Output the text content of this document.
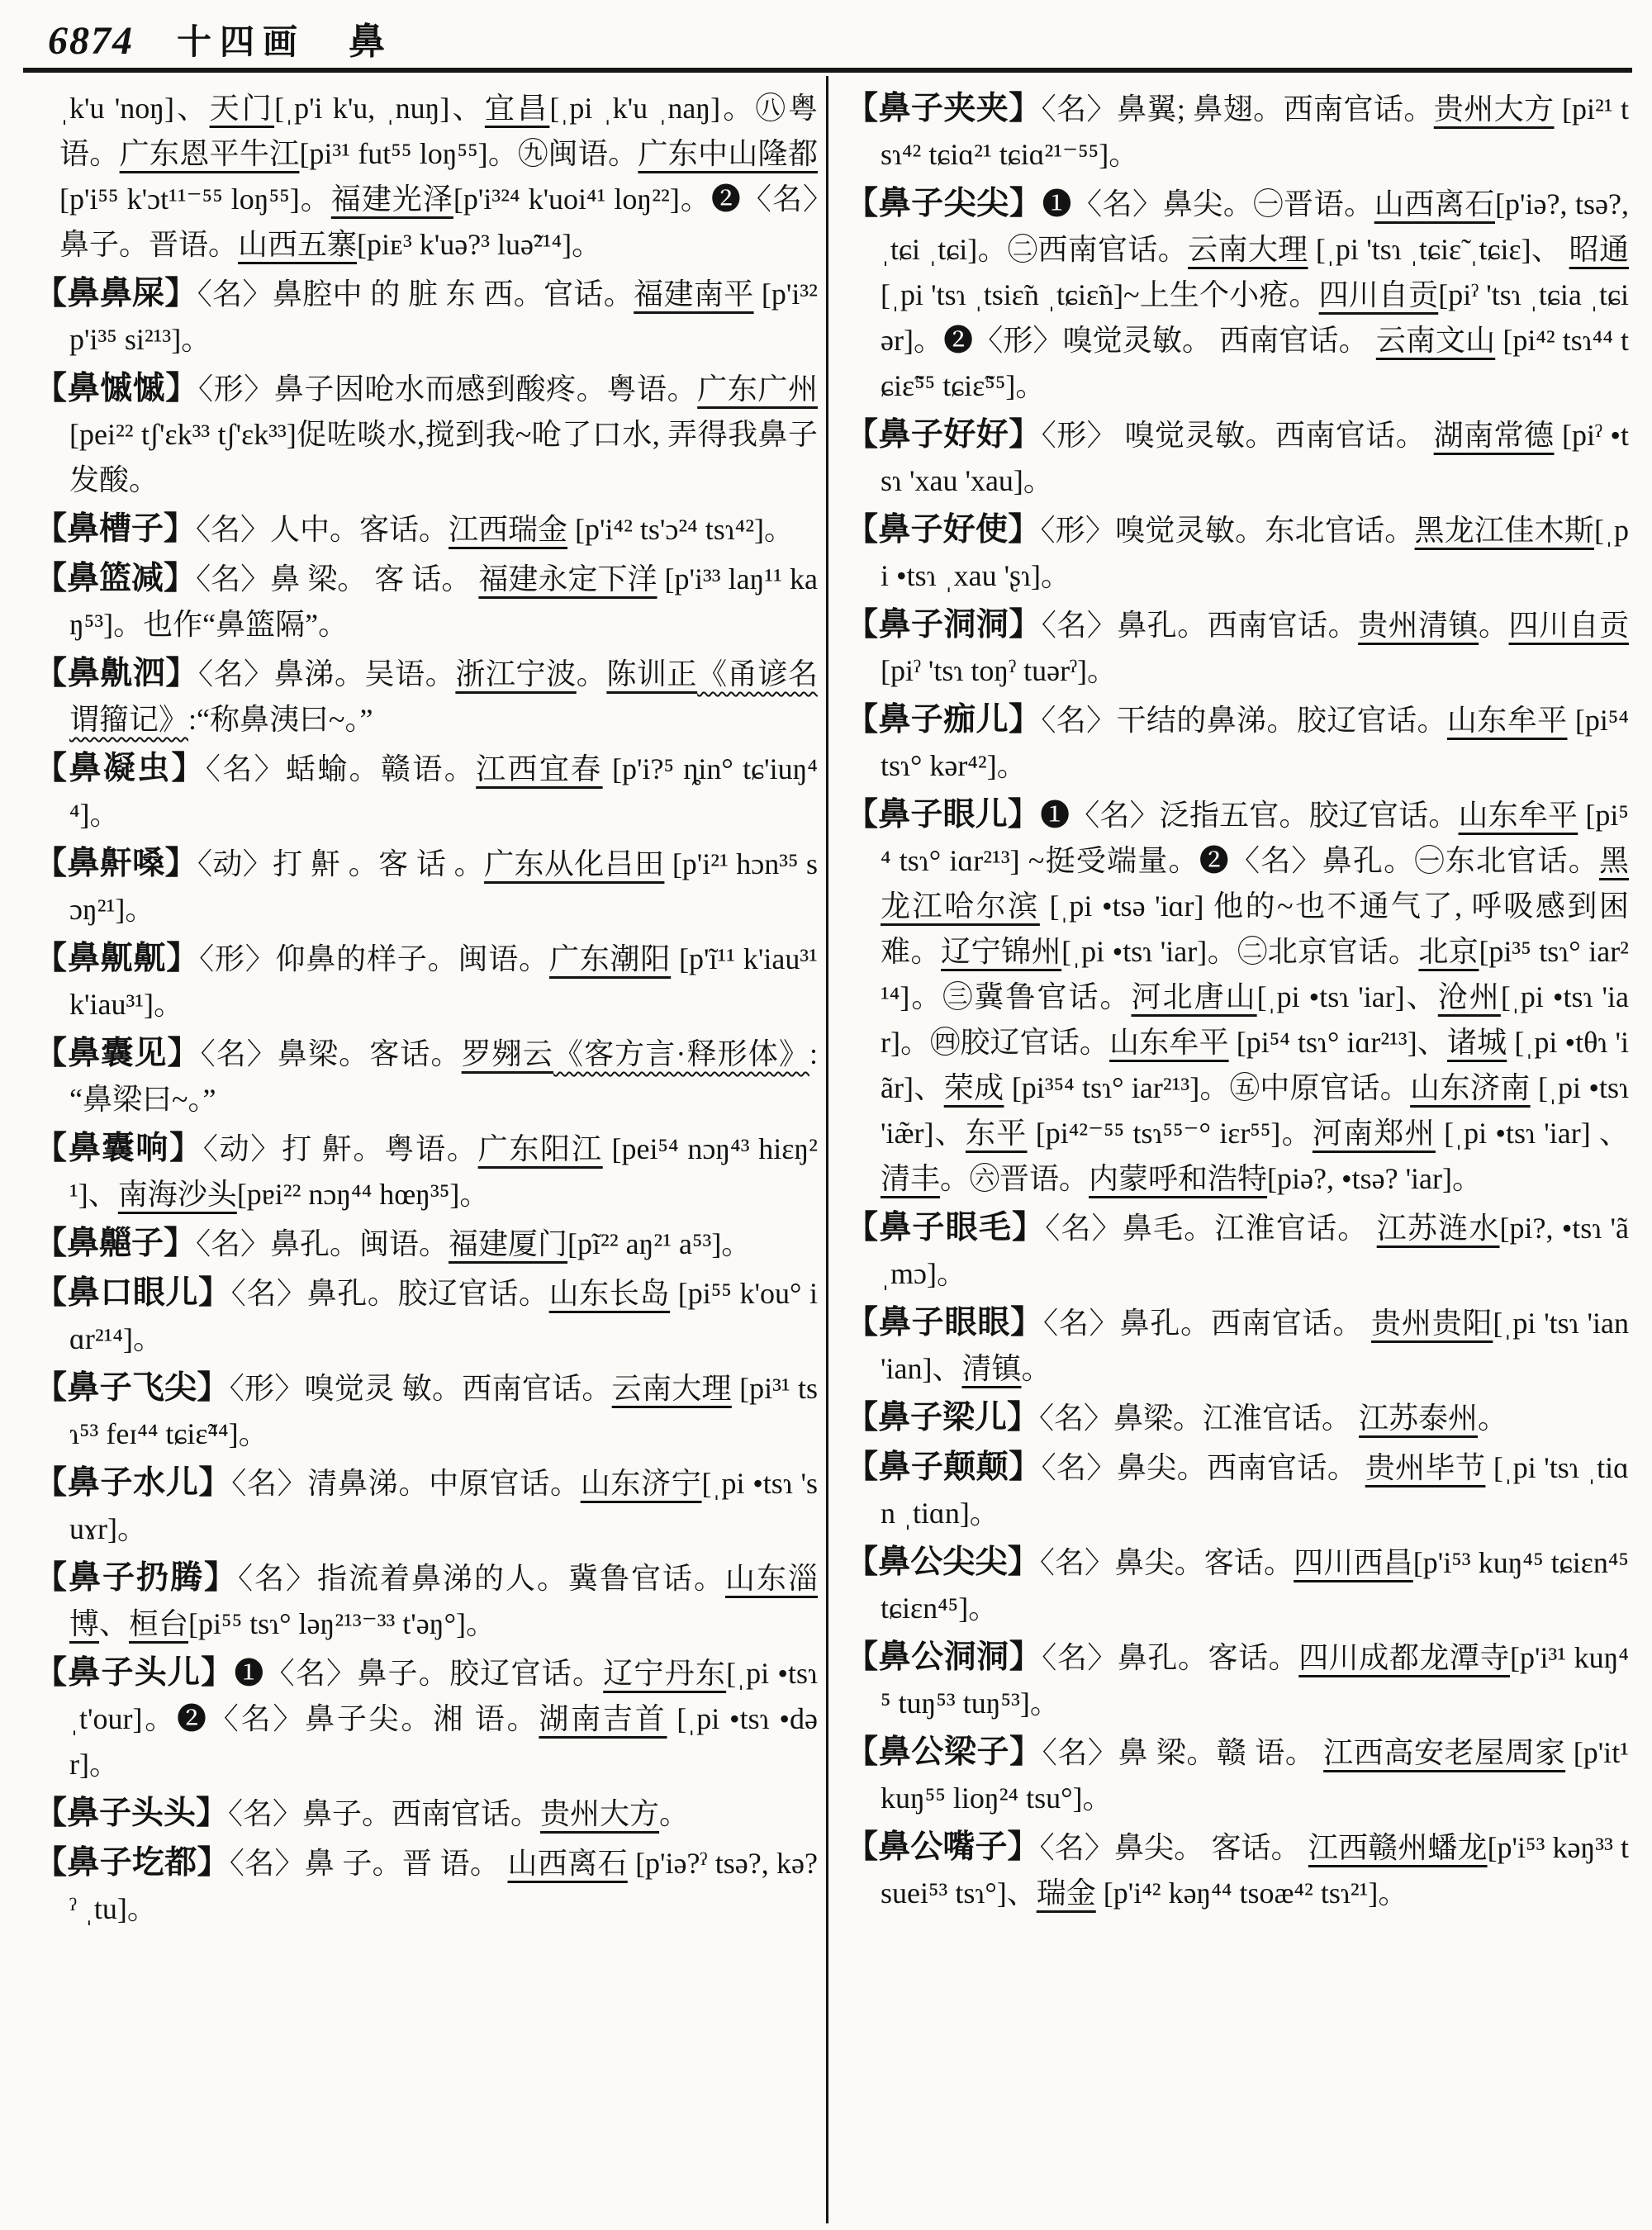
6874 十四画 鼻

ˌk'u 'noŋ]、天门[ˌp'i k'u, ˌnuŋ]、宜昌[ˌpi ˌk'u ˌnaŋ]。㊇粤语。广东恩平牛江[pi³¹ fut⁵⁵ loŋ⁵⁵]。㊈闽语。广东中山隆都[p'i⁵⁵ k'ɔt¹¹⁻⁵⁵ loŋ⁵⁵]。福建光泽[p'i³²⁴ k'uoi⁴¹ loŋ²²]。❷〈名〉鼻子。晋语。山西五寨[piᴇ³ k'uə?³ luə̃²¹⁴]。

【鼻鼻屎】〈名〉鼻腔中 的 脏 东 西。官话。福建南平 [p'i³² p'i³⁵ si²¹³]。

【鼻慽慽】〈形〉鼻子因呛水而感到酸疼。粤语。广东广州[pei²² tʃ'ɛk³³ tʃ'ɛk³³]促咗啖水,搅到我~呛了口水, 弄得我鼻子发酸。

【鼻槽子】〈名〉人中。客话。江西瑞金 [p'i⁴² ts'ɔ²⁴ tsɿ⁴²]。

【鼻篮减】〈名〉鼻 梁。 客 话。 福建永定下洋 [p'i³³ laŋ¹¹ kaŋ⁵³]。也作“鼻篮隔”。

【鼻鼽泗】〈名〉鼻涕。吴语。浙江宁波。陈训正《甬谚名谓籀记》:“称鼻洟曰~。”

【鼻凝虫】〈名〉蛞蝓。赣语。江西宜春 [p'i?⁵ ȵin° tɕ'iuŋ⁴⁴]。

【鼻鼾嗓】〈动〉打 鼾 。客 话 。广东从化吕田 [p'i²¹ hɔn³⁵ sɔŋ²¹]。

【鼻鼿鼿】〈形〉仰鼻的样子。闽语。广东潮阳 [p'ĩ¹¹ k'iau³¹ k'iau³¹]。

【鼻囊见】〈名〉鼻梁。客话。罗翙云《客方言·释形体》:“鼻梁曰~。”

【鼻囊响】〈动〉打 鼾。粤语。广东阳江 [pei⁵⁴ nɔŋ⁴³ hiɛŋ²¹]、南海沙头[pɐi²² nɔŋ⁴⁴ hœŋ³⁵]。

【鼻齆子】〈名〉鼻孔。闽语。福建厦门[pĩ²² aŋ²¹ a⁵³]。

【鼻口眼儿】〈名〉鼻孔。胶辽官话。山东长岛 [pi⁵⁵ k'ou° iɑr²¹⁴]。

【鼻子飞尖】〈形〉嗅觉灵 敏。西南官话。云南大理 [pi³¹ tsɿ⁵³ feɪ⁴⁴ tɕiɛ̃⁴⁴]。

【鼻子水儿】〈名〉清鼻涕。中原官话。山东济宁[ˌpi •tsɿ 'suɤr]。

【鼻子扔腾】〈名〉指流着鼻涕的人。冀鲁官话。山东淄博、桓台[pi⁵⁵ tsɿ° ləŋ²¹³⁻³³ t'əŋ°]。

【鼻子头儿】❶〈名〉鼻子。胶辽官话。辽宁丹东[ˌpi •tsɿ ˌt'our]。❷〈名〉鼻子尖。湘 语。湖南吉首 [ˌpi •tsɿ •dər]。

【鼻子头头】〈名〉鼻子。西南官话。贵州大方。

【鼻子圪都】〈名〉鼻 子。晋 语。 山西离石 [p'iə?ˀ tsə?, kə?ˀ ˌtu]。

【鼻子夹夹】〈名〉鼻翼; 鼻翅。西南官话。贵州大方 [pi²¹ tsɿ⁴² tɕiɑ²¹ tɕiɑ²¹⁻⁵⁵]。

【鼻子尖尖】❶〈名〉鼻尖。㊀晋语。山西离石[p'iə?, tsə?, ˌtɕi ˌtɕi]。㊁西南官话。云南大理 [ˌpi 'tsɿ ˌtɕiɛ̃ ˌtɕiɛ]、 昭通[ˌpi 'tsɿ ˌtsiɛ̃n ˌtɕiɛ̃n]~上生个小疮。四川自贡[piˀ 'tsɿ ˌtɕia ˌtɕiər]。❷〈形〉嗅觉灵敏。 西南官话。 云南文山 [pi⁴² tsɿ⁴⁴ tɕiɛ̃⁵⁵ tɕiɛ̃⁵⁵]。

【鼻子好好】〈形〉 嗅觉灵敏。西南官话。 湖南常德 [piˀ •tsɿ 'xau 'xau]。

【鼻子好使】〈形〉嗅觉灵敏。东北官话。黑龙江佳木斯[ˌpi •tsɿ ˌxau 'ʂɿ]。

【鼻子洞洞】〈名〉鼻孔。西南官话。贵州清镇。四川自贡[piˀ 'tsɿ toŋˀ tuərˀ]。

【鼻子痂儿】〈名〉干结的鼻涕。胶辽官话。山东牟平 [pi⁵⁴ tsɿ° kər⁴²]。

【鼻子眼儿】❶〈名〉泛指五官。胶辽官话。山东牟平 [pi⁵⁴ tsɿ° iɑr²¹³] ~挺受端量。❷〈名〉鼻孔。㊀东北官话。黑龙江哈尔滨 [ˌpi •tsə 'iɑr] 他的~也不通气了, 呼吸感到困难。辽宁锦州[ˌpi •tsɿ 'iar]。㊁北京官话。北京[pi³⁵ tsɿ° iar²¹⁴]。㊂冀鲁官话。河北唐山[ˌpi •tsɿ 'iar]、沧州[ˌpi •tsɿ 'iar]。㊃胶辽官话。山东牟平 [pi⁵⁴ tsɿ° iɑr²¹³]、诸城 [ˌpi •tθɿ 'iãr]、荣成 [pi³⁵⁴ tsɿ° iar²¹³]。㊄中原官话。山东济南 [ˌpi •tsɿ 'iæ̃r]、东平 [pi⁴²⁻⁵⁵ tsɿ⁵⁵⁻° iɛr⁵⁵]。河南郑州 [ˌpi •tsɿ 'iar] 、清丰。㊅晋语。内蒙呼和浩特[piə?, •tsə? 'iar]。

【鼻子眼毛】〈名〉鼻毛。江淮官话。 江苏涟水[pi?, •tsɿ 'ã ˌmɔ]。

【鼻子眼眼】〈名〉鼻孔。西南官话。 贵州贵阳[ˌpi 'tsɿ 'ian 'ian]、清镇。

【鼻子梁儿】〈名〉鼻梁。江淮官话。 江苏泰州。

【鼻子颠颠】〈名〉鼻尖。西南官话。 贵州毕节 [ˌpi 'tsɿ ˌtiɑn ˌtiɑn]。

【鼻公尖尖】〈名〉鼻尖。客话。四川西昌[p'i⁵³ kuŋ⁴⁵ tɕiɛn⁴⁵ tɕiɛn⁴⁵]。

【鼻公洞洞】〈名〉鼻孔。客话。四川成都龙潭寺[p'i³¹ kuŋ⁴⁵ tuŋ⁵³ tuŋ⁵³]。

【鼻公梁子】〈名〉鼻 梁。赣 语。 江西高安老屋周家 [p'it¹ kuŋ⁵⁵ lioŋ²⁴ tsu°]。

【鼻公嘴子】〈名〉鼻尖。 客话。 江西赣州蟠龙[p'i⁵³ kəŋ³³ tsuei⁵³ tsɿ°]、瑞金 [p'i⁴² kəŋ⁴⁴ tsoæ⁴² tsɿ²¹]。
